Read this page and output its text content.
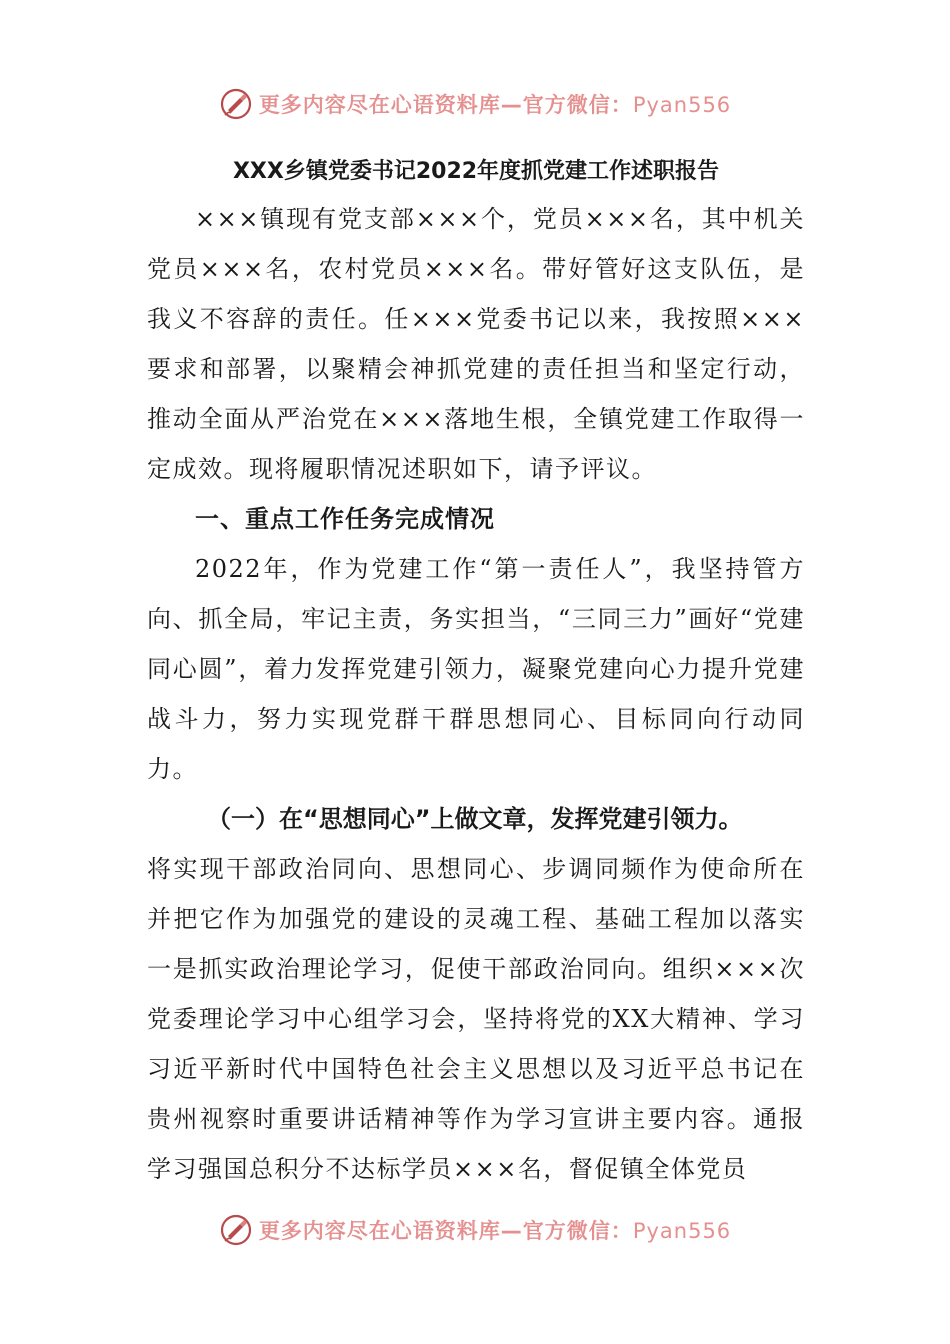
更多内容尽在心语资料库—官方微信：Pyan556

XXX乡镇党委书记2022年度抓党建工作述职报告

×××镇现有党支部×××个，党员×××名，其中机关党员×××名，农村党员×××名。带好管好这支队伍，是我义不容辞的责任。任×××党委书记以来，我按照×××要求和部署，以聚精会神抓党建的责任担当和坚定行动，推动全面从严治党在×××落地生根，全镇党建工作取得一定成效。现将履职情况述职如下，请予评议。

一、重点工作任务完成情况

2022年，作为党建工作“第一责任人”，我坚持管方向、抓全局，牢记主责，务实担当，“三同三力”画好“党建同心圆”，着力发挥党建引领力，凝聚党建向心力提升党建战斗力，努力实现党群干群思想同心、目标同向行动同力。

（一）在“思想同心”上做文章，发挥党建引领力。

将实现干部政治同向、思想同心、步调同频作为使命所在并把它作为加强党的建设的灵魂工程、基础工程加以落实一是抓实政治理论学习，促使干部政治同向。组织×××次党委理论学习中心组学习会，坚持将党的XX大精神、学习习近平新时代中国特色社会主义思想以及习近平总书记在贵州视察时重要讲话精神等作为学习宣讲主要内容。通报学习强国总积分不达标学员×××名，督促镇全体党员

更多内容尽在心语资料库—官方微信：Pyan556
